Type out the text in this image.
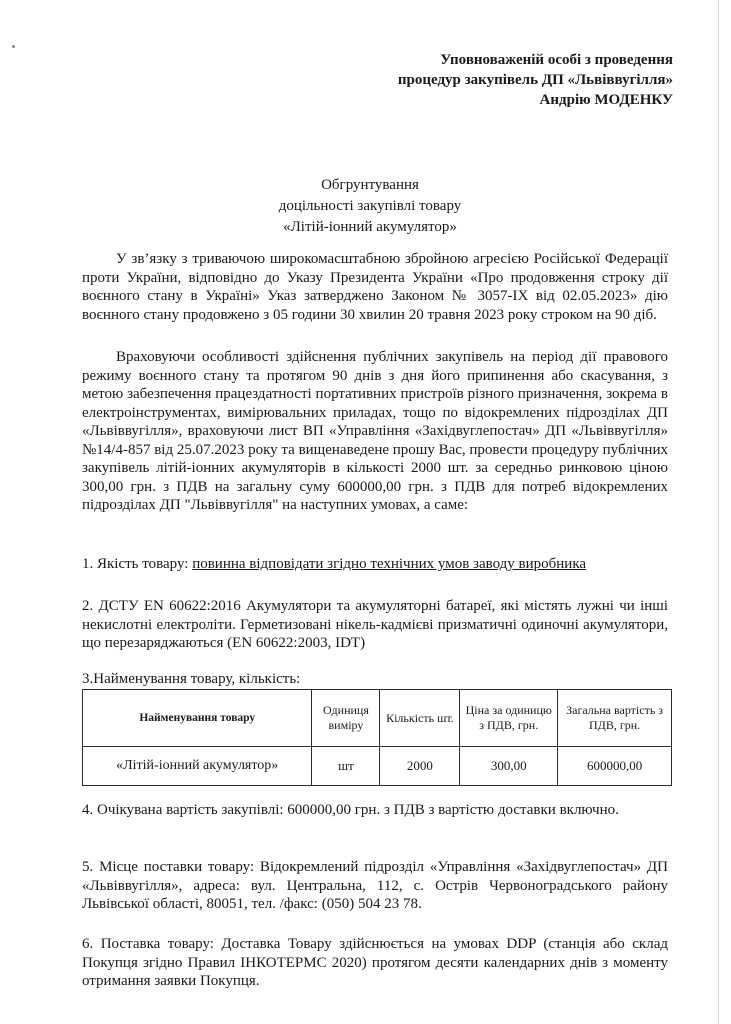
Уповноваженій особі з проведення
процедур закупівель ДП «Львіввугілля»
Андрію МОДЕНКУ
Обгрунтування
доцільності закупівлі товару
«Літій-іонний акумулятор»
У зв’язку з триваючою широкомасштабною збройною агресією Російської Федерації проти України, відповідно до Указу Президента України «Про продовження строку дії воєнного стану в Україні» Указ затверджено Законом № 3057-IX від 02.05.2023» дію воєнного стану продовжено з 05 години 30 хвилин 20 травня 2023 року строком на 90 діб.
Враховуючи особливості здійснення публічних закупівель на період дії правового режиму воєнного стану та протягом 90 днів з дня його припинення або скасування, з метою забезпечення працездатності портативних пристроїв різного призначення, зокрема в електроінструментах, вимірювальних приладах, тощо по відокремлених підрозділах ДП «Львіввугілля», враховуючи лист ВП «Управління «Західвуглепостач» ДП «Львіввугілля» №14/4-857 від 25.07.2023 року та вищенаведене прошу Вас, провести процедуру публічних закупівель літій-іонних акумуляторів в кількості 2000 шт. за середньо ринковою ціною 300,00 грн. з ПДВ на загальну суму 600000,00 грн. з ПДВ для потреб відокремлених підрозділах ДП "Львіввугілля" на наступних умовах, а саме:
1. Якість товару: повинна відповідати згідно технічних умов заводу виробника
2. ДСТУ EN 60622:2016 Акумулятори та акумуляторні батареї, які містять лужні чи інші некислотні електроліти. Герметизовані нікель-кадмієві призматичні одиночні акумулятори, що перезаряджаються (EN 60622:2003, IDT)
3.Найменування товару, кількість:
Найменування товару	Одиниця виміру	Кількість шт.	Ціна за одиницю з ПДВ, грн.	Загальна вартість з ПДВ, грн.
«Літій-іонний акумулятор»	шт	2000	300,00	600000,00
4. Очікувана вартість закупівлі: 600000,00 грн. з ПДВ з вартістю доставки включно.
5. Місце поставки товару: Відокремлений підрозділ «Управління «Західвуглепостач» ДП «Львіввугілля», адреса: вул. Центральна, 112, с. Острів Червоноградського району Львівської області, 80051, тел. /факс: (050) 504 23 78.
6. Поставка товару: Доставка Товару здійснюється на умовах DDP (станція або склад Покупця згідно Правил ІНКОТЕРМС 2020) протягом десяти календарних днів з моменту отримання заявки Покупця.
